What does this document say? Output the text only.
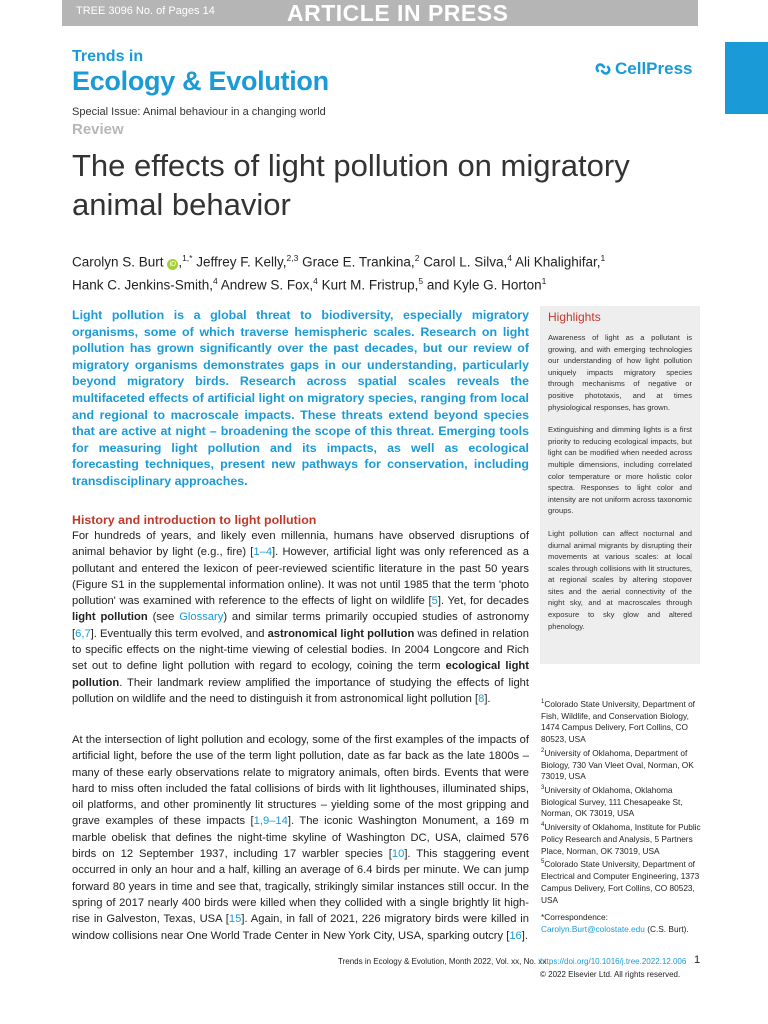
TREE 3096 No. of Pages 14	ARTICLE IN PRESS
Trends in
Ecology & Evolution	CellPress
Special Issue: Animal behaviour in a changing world
Review
The effects of light pollution on migratory animal behavior
Carolyn S. Burt iD ,$^{1,*}$ Jeffrey F. Kelly,$^{2,3}$ Grace E. Trankina,$^2$ Carol L. Silva,$^4$ Ali Khalighifar,$^1$
Hank C. Jenkins-Smith,$^4$ Andrew S. Fox,$^4$ Kurt M. Fristrup,$^5$ and Kyle G. Horton$^1$

Light pollution is a global threat to biodiversity, especially migratory organisms, some of which traverse hemispheric scales. Research on light pollution has grown significantly over the past decades, but our review of migratory organisms demonstrates gaps in our understanding, particularly beyond migratory birds. Research across spatial scales reveals the multifaceted effects of artificial light on migratory species, ranging from local and regional to macroscale impacts. These threats extend beyond species that are active at night – broadening the scope of this threat. Emerging tools for measuring light pollution and its impacts, as well as ecological forecasting techniques, present new pathways for conservation, including transdisciplinary approaches.

Highlights

Awareness of light as a pollutant is growing, and with emerging technologies our understanding of how light pollution uniquely impacts migratory species through mechanisms of negative or positive phototaxis, and at times physiological responses, has grown.

Extinguishing and dimming lights is a first priority to reducing ecological impacts, but light can be modified when needed across multiple dimensions, including correlated color temperature or more holistic color spectra. Responses to light color and intensity are not uniform across taxonomic groups.

Light pollution can affect nocturnal and diurnal animal migrants by disrupting their movements at various scales: at local scales through collisions with lit structures, at regional scales by altering stopover sites and the aerial connectivity of the night sky, and at macroscales through exposure to sky glow and altered phenology.

History and introduction to light pollution

For hundreds of years, and likely even millennia, humans have observed disruptions of animal behavior by light (e.g., fire) [1–4]. However, artificial light was only referenced as a pollutant and entered the lexicon of peer-reviewed scientific literature in the past 50 years (Figure S1 in the supplemental information online). It was not until 1985 that the term 'photo pollution' was examined with reference to the effects of light on wildlife [5]. Yet, for decades light pollution (see Glossary) and similar terms primarily occupied studies of astronomy [6,7]. Eventually this term evolved, and astronomical light pollution was defined in relation to specific effects on the night-time viewing of celestial bodies. In 2004 Longcore and Rich set out to define light pollution with regard to ecology, coining the term ecological light pollution. Their landmark review amplified the importance of studying the effects of light pollution on wildlife and the need to distinguish it from astronomical light pollution [8].

At the intersection of light pollution and ecology, some of the first examples of the impacts of artificial light, before the use of the term light pollution, date as far back as the late 1800s – many of these early observations relate to migratory animals, often birds. Events that were hard to miss often included the fatal collisions of birds with lit lighthouses, illuminated ships, oil platforms, and other prominently lit structures – yielding some of the most gripping and grave examples of these impacts [1,9–14]. The iconic Washington Monument, a 169 m marble obelisk that defines the night-time skyline of Washington DC, USA, claimed 576 birds on 12 September 1937, including 17 warbler species [10]. This staggering event occurred in only an hour and a half, killing an average of 6.4 birds per minute. We can jump forward 80 years in time and see that, tragically, strikingly similar instances still occur. In the spring of 2017 nearly 400 birds were killed when they collided with a single brightly lit high-rise in Galveston, Texas, USA [15]. Again, in fall of 2021, 226 migratory birds were killed in window collisions near One World Trade Center in New York City, USA, sparking outcry [16].

$^1$Colorado State University, Department of Fish, Wildlife, and Conservation Biology, 1474 Campus Delivery, Fort Collins, CO 80523, USA
$^2$University of Oklahoma, Department of Biology, 730 Van Vleet Oval, Norman, OK 73019, USA
$^3$University of Oklahoma, Oklahoma Biological Survey, 111 Chesapeake St, Norman, OK 73019, USA
$^4$University of Oklahoma, Institute for Public Policy Research and Analysis, 5 Partners Place, Norman, OK 73019, USA
$^5$Colorado State University, Department of Electrical and Computer Engineering, 1373 Campus Delivery, Fort Collins, CO 80523, USA
*Correspondence:
Carolyn.Burt@colostate.edu (C.S. Burt).
Trends in Ecology & Evolution, Month 2022, Vol. xx, No. xx
https://doi.org/10.1016/j.tree.2022.12.006 1
© 2022 Elsevier Ltd. All rights reserved.
